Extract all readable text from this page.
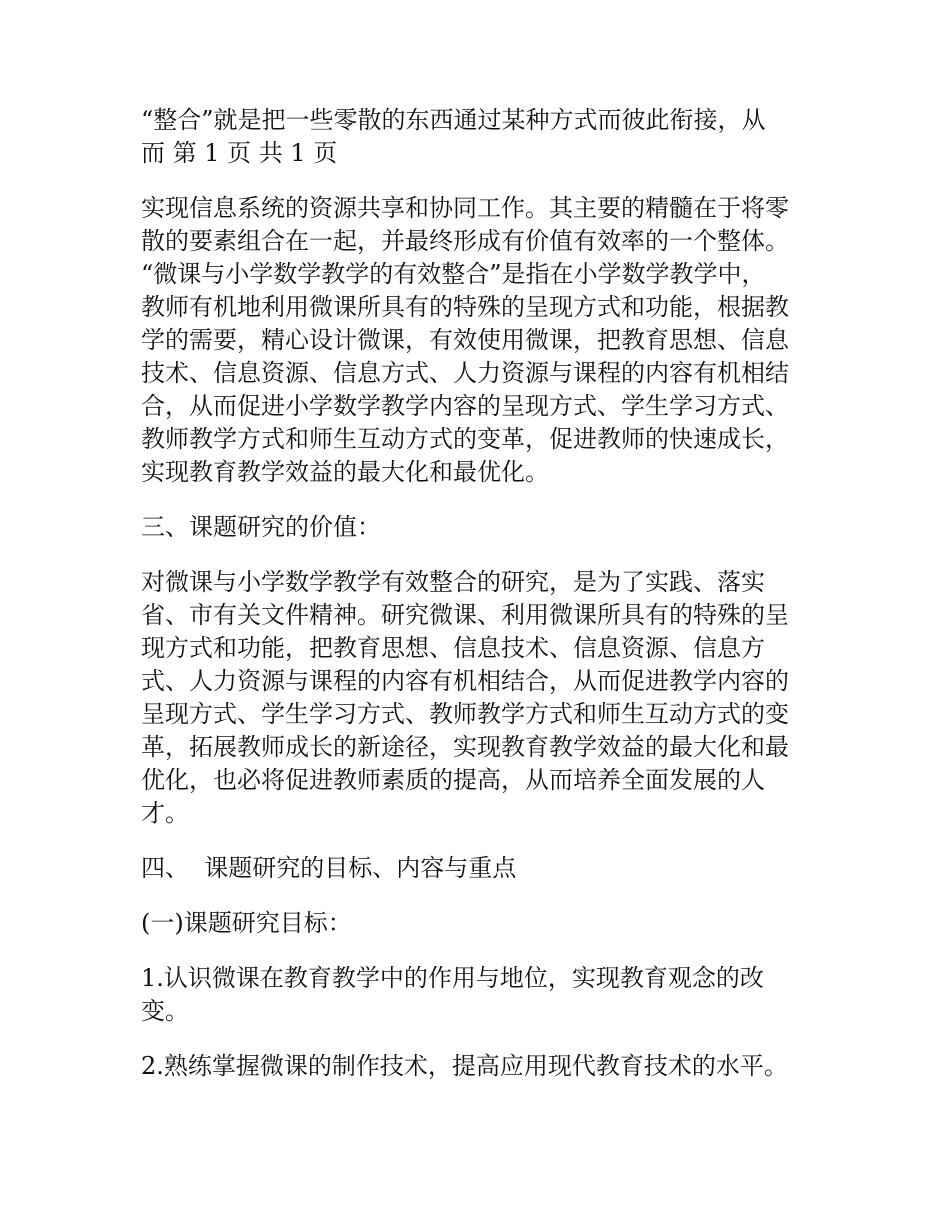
“整合”就是把一些零散的东西通过某种方式而彼此衔接，从
而 第 1 页 共 1 页

实现信息系统的资源共享和协同工作。其主要的精髓在于将零
散的要素组合在一起，并最终形成有价值有效率的一个整体。
“微课与小学数学教学的有效整合”是指在小学数学教学中，
教师有机地利用微课所具有的特殊的呈现方式和功能，根据教
学的需要，精心设计微课，有效使用微课，把教育思想、信息
技术、信息资源、信息方式、人力资源与课程的内容有机相结
合，从而促进小学数学教学内容的呈现方式、学生学习方式、
教师教学方式和师生互动方式的变革，促进教师的快速成长，
实现教育教学效益的最大化和最优化。

三、课题研究的价值：

对微课与小学数学教学有效整合的研究，是为了实践、落实
省、市有关文件精神。研究微课、利用微课所具有的特殊的呈
现方式和功能，把教育思想、信息技术、信息资源、信息方
式、人力资源与课程的内容有机相结合，从而促进教学内容的
呈现方式、学生学习方式、教师教学方式和师生互动方式的变
革，拓展教师成长的新途径，实现教育教学效益的最大化和最
优化，也必将促进教师素质的提高，从而培养全面发展的人
才。

四、  课题研究的目标、内容与重点

(一)课题研究目标：

1.认识微课在教育教学中的作用与地位，实现教育观念的改
变。

2.熟练掌握微课的制作技术，提高应用现代教育技术的水平。
